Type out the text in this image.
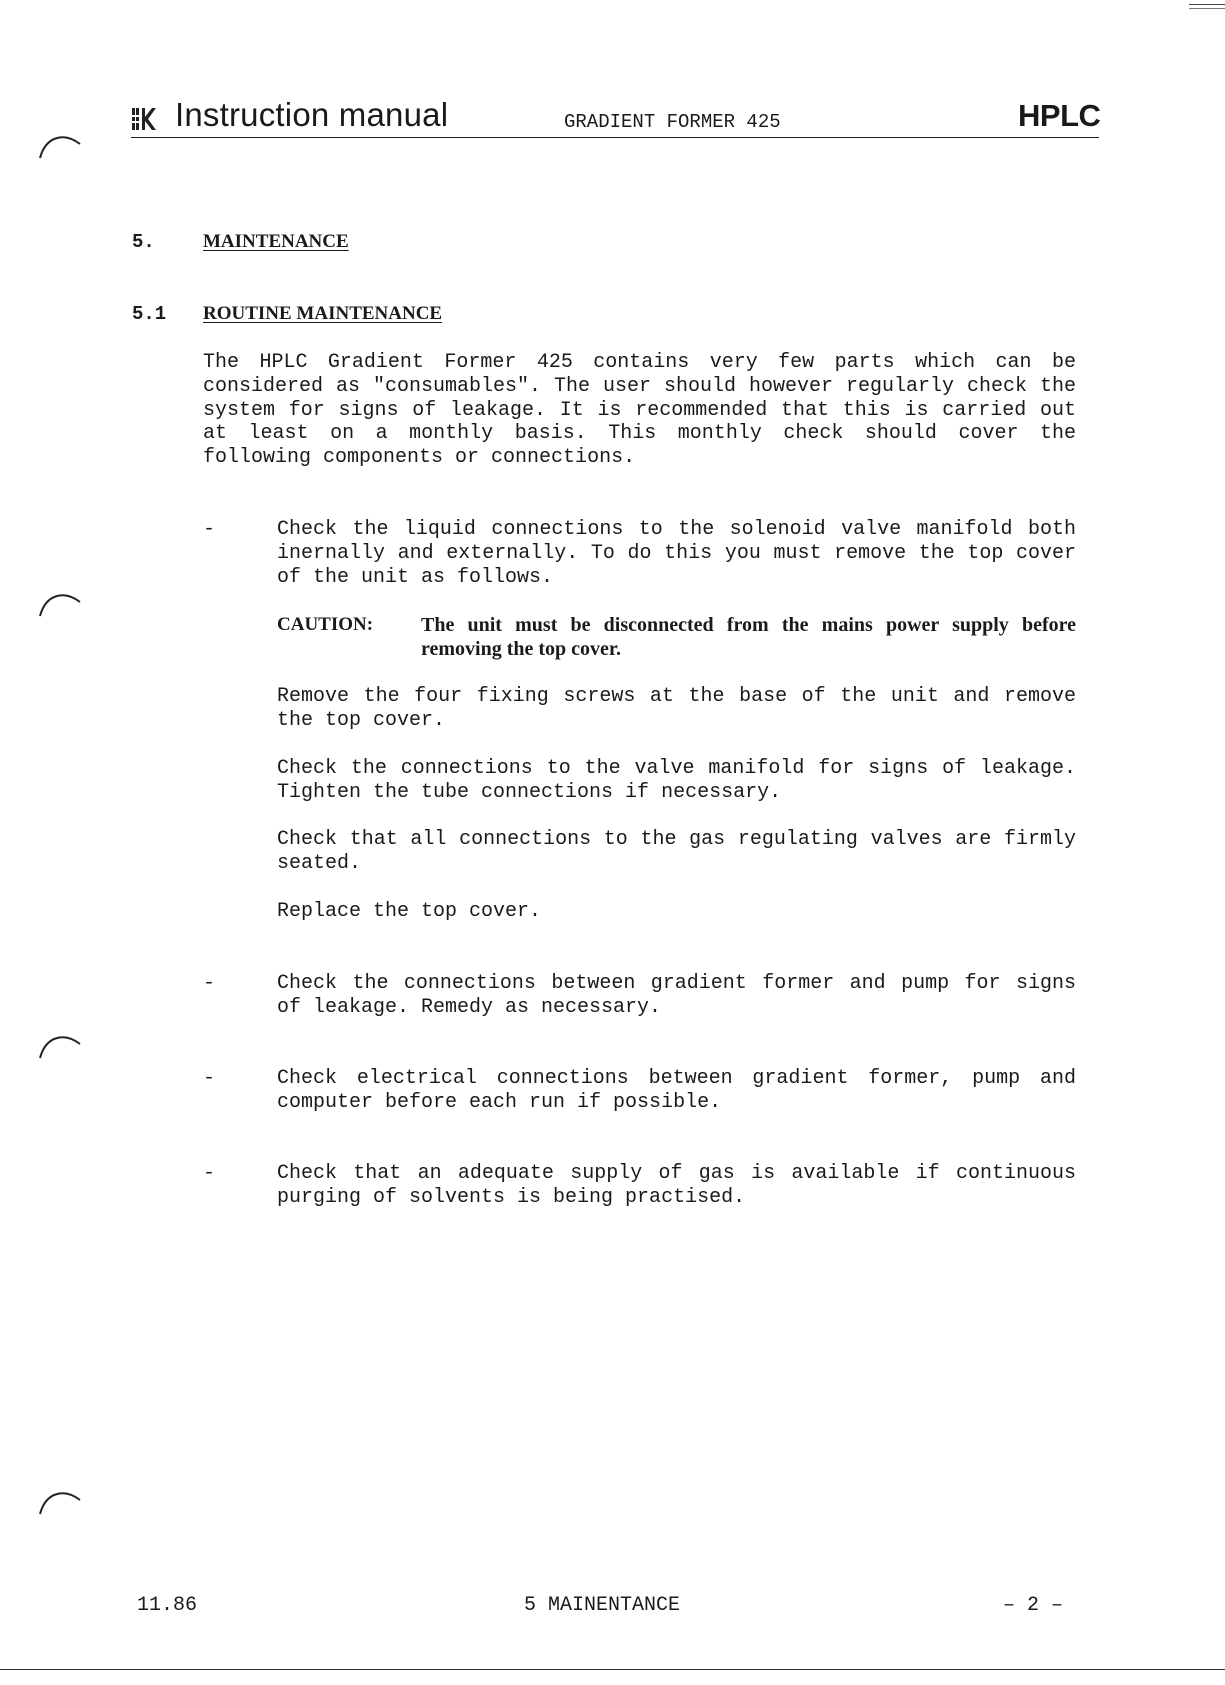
Instruction manual	GRADIENT FORMER 425	HPLC
5.	MAINTENANCE
5.1 ROUTINE MAINTENANCE

The HPLC Gradient Former 425 contains very few parts which can be considered as "consumables". The user should however regularly check the system for signs of leakage. It is recommended that this is carried out at least on a monthly basis. This monthly check should cover the following components or connections.

-	Check the liquid connections to the solenoid valve manifold both inernally and externally. To do this you must remove the top cover of the unit as follows.

CAUTION: The unit must be disconnected from the mains power supply before removing the top cover.

Remove the four fixing screws at the base of the unit and remove the top cover.

Check the connections to the valve manifold for signs of leakage. Tighten the tube connections if necessary.

Check that all connections to the gas regulating valves are firmly seated.

Replace the top cover.

-	Check the connections between gradient former and pump for signs of leakage. Remedy as necessary.

-	Check electrical connections between gradient former, pump and computer before each run if possible.

-	Check that an adequate supply of gas is available if continuous purging of solvents is being practised.

11.86	5 MAINENTANCE	– 2 –
